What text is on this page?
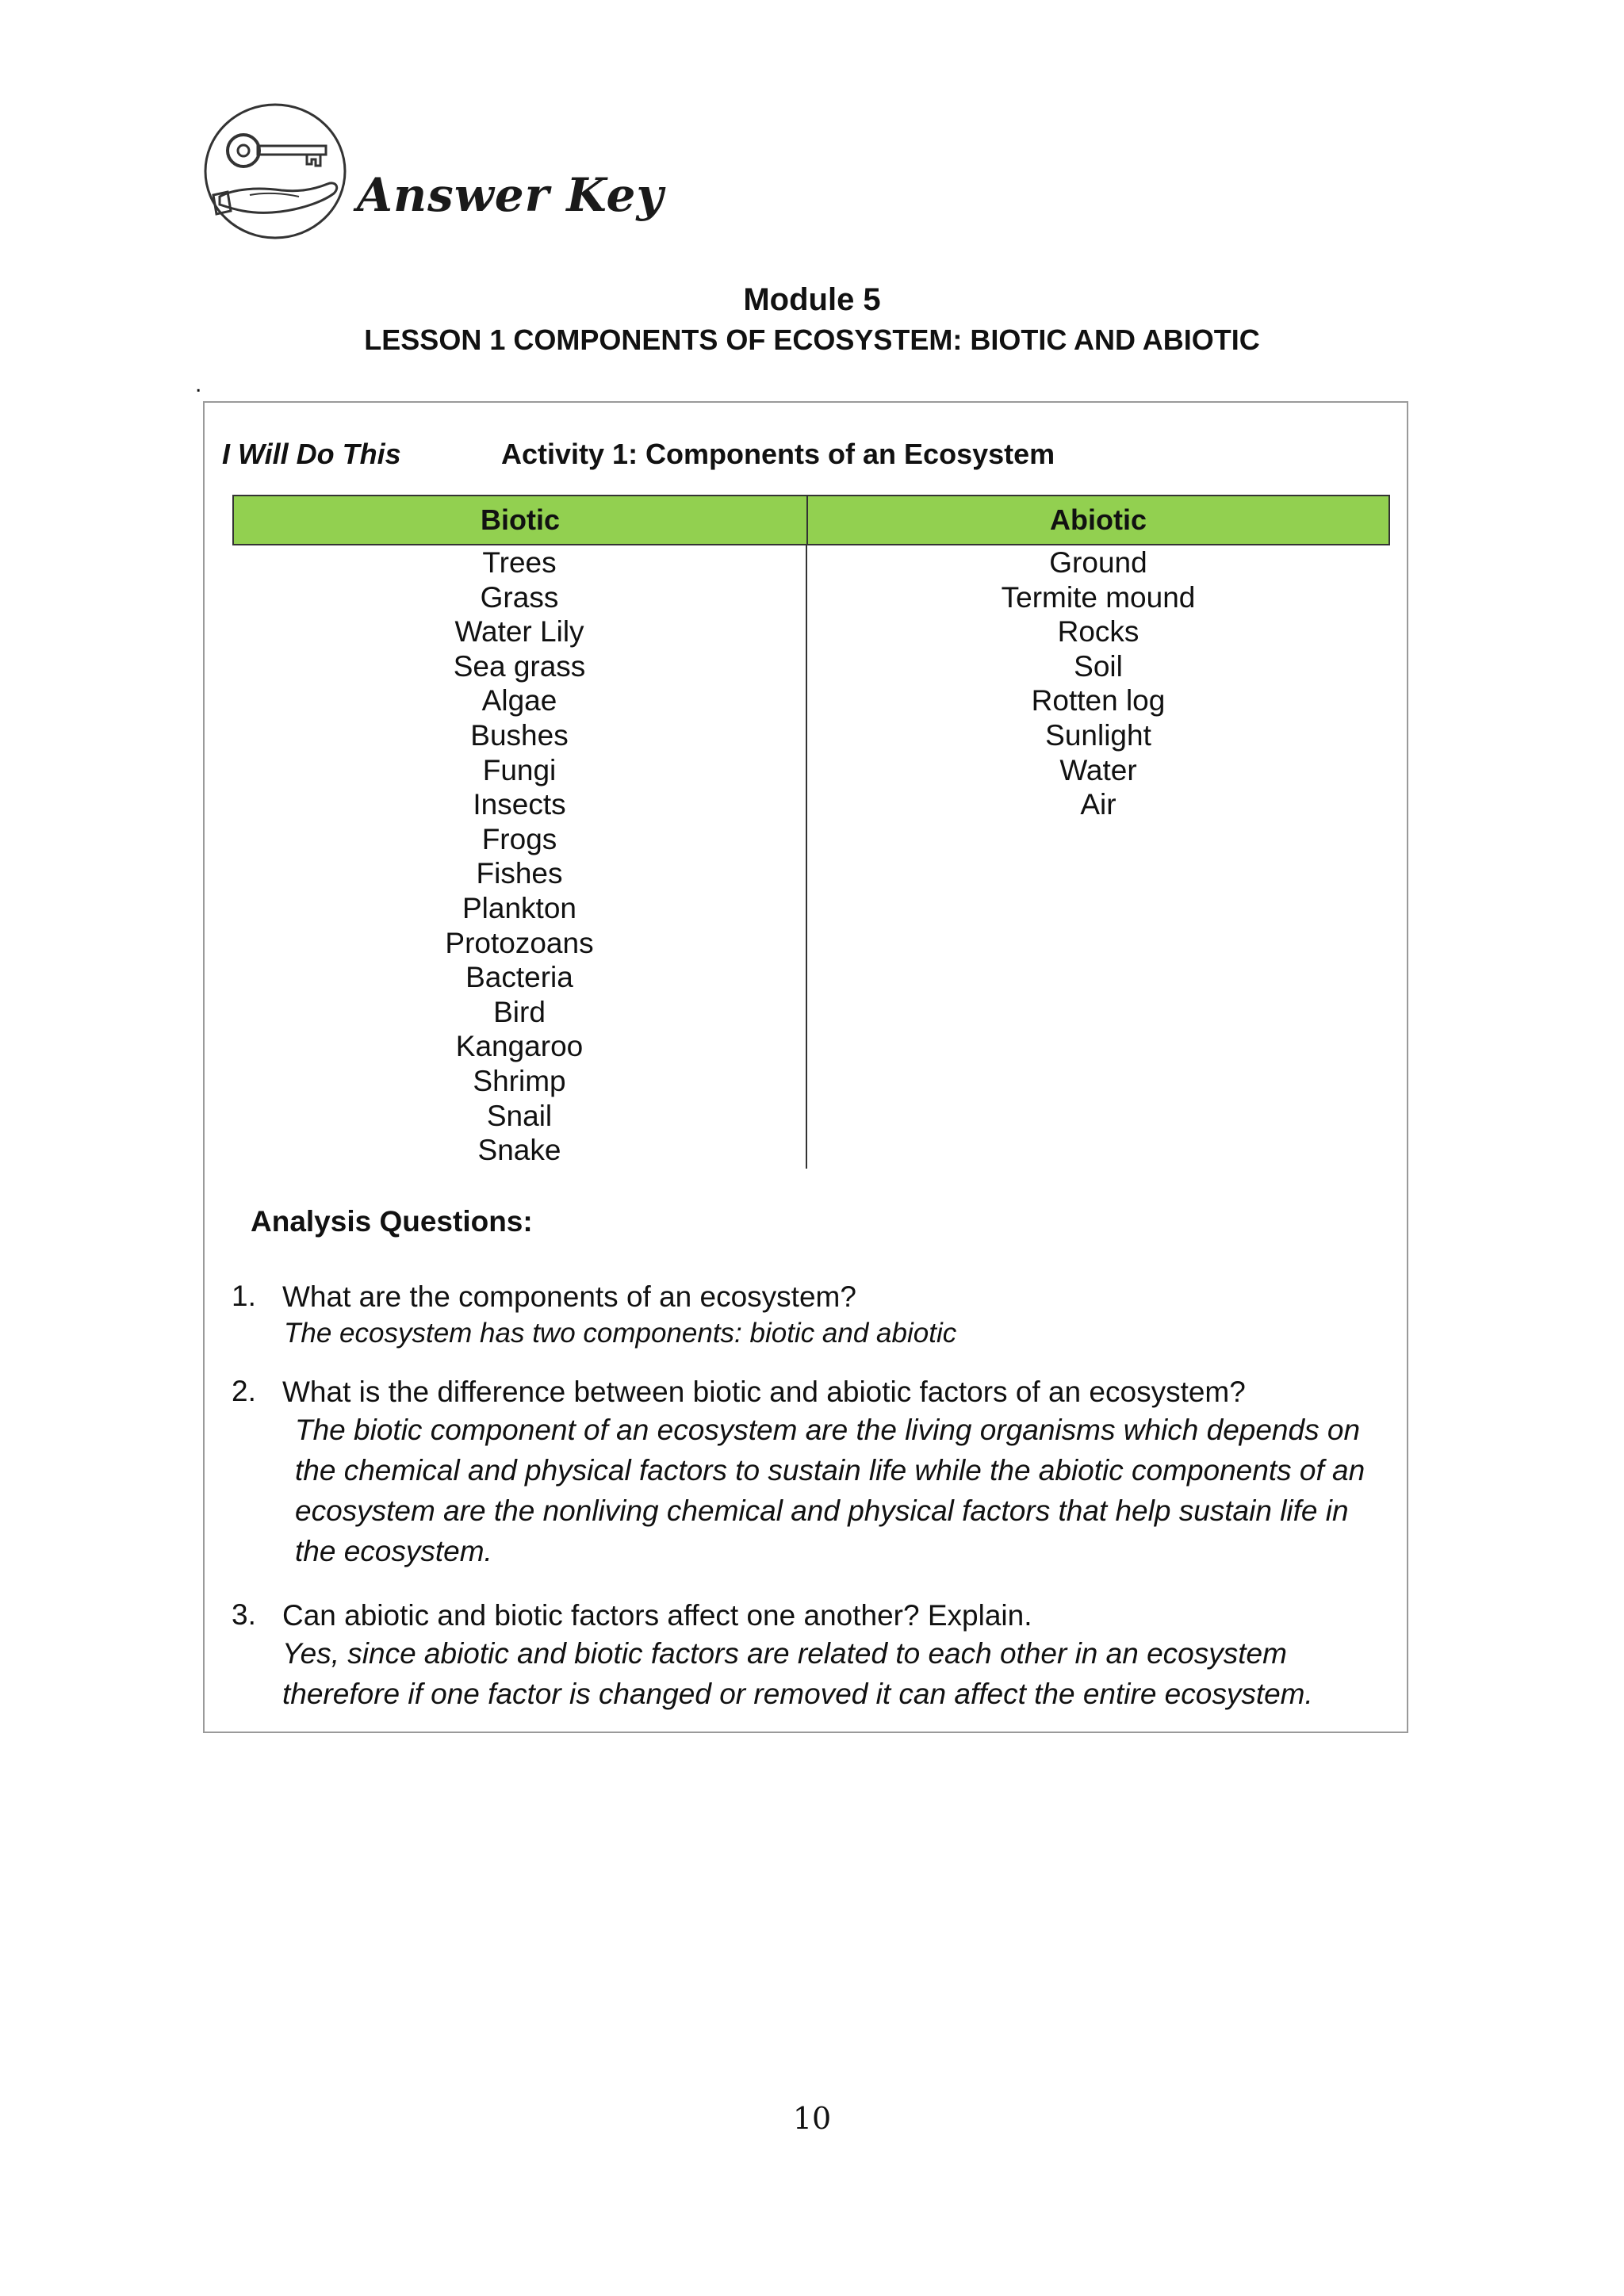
Answer Key
Module 5
LESSON 1 COMPONENTS OF ECOSYSTEM: BIOTIC AND ABIOTIC
.
I Will Do This	Activity 1: Components of an Ecosystem
Biotic	Abiotic
Trees
Grass
Water Lily
Sea grass
Algae
Bushes
Fungi
Insects
Frogs
Fishes
Plankton
Protozoans
Bacteria
Bird
Kangaroo
Shrimp
Snail
Snake
Ground
Termite mound
Rocks
Soil
Rotten log
Sunlight
Water
Air
Analysis Questions:
1. What are the components of an ecosystem?
The ecosystem has two components: biotic and abiotic
2. What is the difference between biotic and abiotic factors of an ecosystem?
The biotic component of an ecosystem are the living organisms which depends on the chemical and physical factors to sustain life while the abiotic components of an ecosystem are the nonliving chemical and physical factors that help sustain life in the ecosystem.
3. Can abiotic and biotic factors affect one another? Explain.
Yes, since abiotic and biotic factors are related to each other in an ecosystem therefore if one factor is changed or removed it can affect the entire ecosystem.
10
